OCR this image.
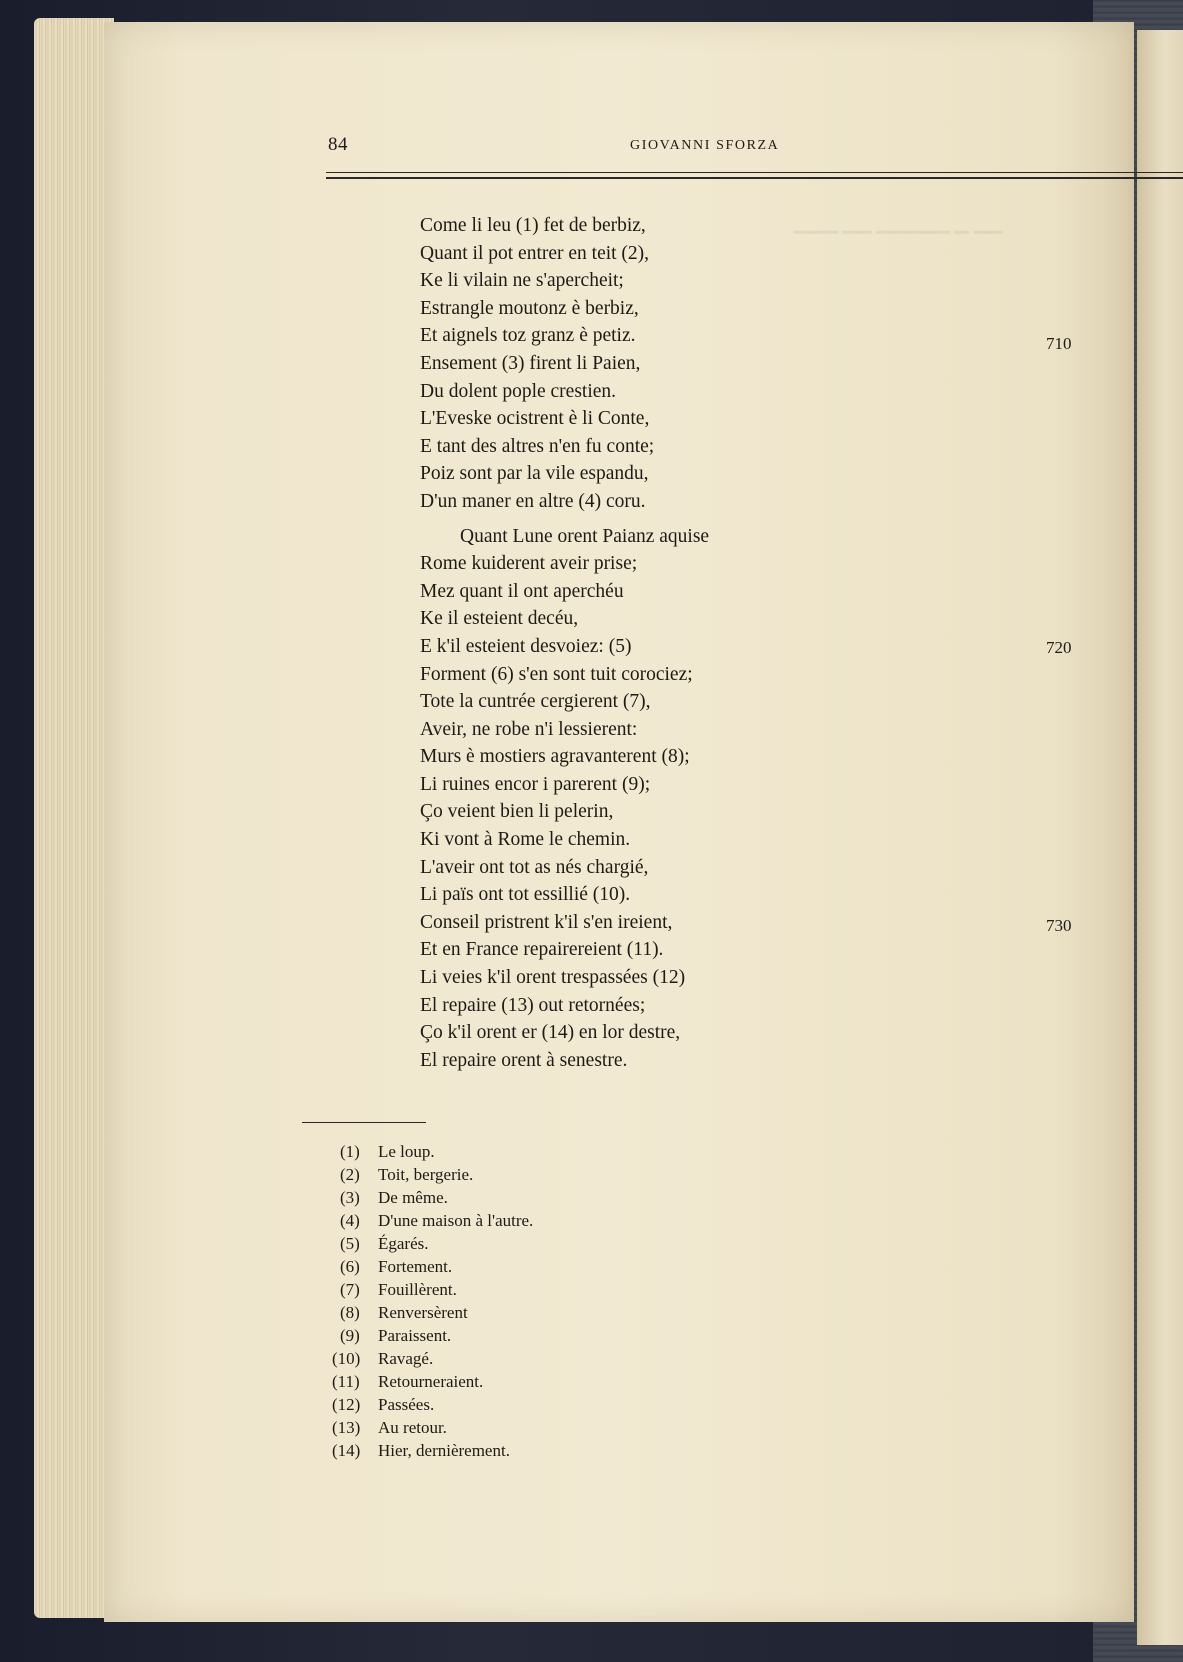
▁▁▁ ▁▁ ▁▁▁▁▁ ▁ ▁▁
84	GIOVANNI SFORZA
Come li leu (1) fet de berbiz,
Quant il pot entrer en teit (2),
Ke li vilain ne s'apercheit;
Estrangle moutonz è berbiz,
Et aignels toz granz è petiz.
Ensement (3) firent li Paien,
Du dolent pople crestien.
L'Eveske ocistrent è li Conte,
E tant des altres n'en fu conte;
Poiz sont par la vile espandu,
D'un maner en altre (4) coru.
Quant Lune orent Paianz aquise
Rome kuiderent aveir prise;
Mez quant il ont aperchéu
Ke il esteient decéu,
E k'il esteient desvoiez: (5)
Forment (6) s'en sont tuit corociez;
Tote la cuntrée cergierent (7),
Aveir, ne robe n'i lessierent:
Murs è mostiers agravanterent (8);
Li ruines encor i parerent (9);
Ço veient bien li pelerin,
Ki vont à Rome le chemin.
L'aveir ont tot as nés chargié,
Li païs ont tot essillié (10).
Conseil pristrent k'il s'en ireient,
Et en France repairereient (11).
Li veies k'il orent trespassées (12)
El repaire (13) out retornées;
Ço k'il orent er (14) en lor destre,
El repaire orent à senestre.
710
720
730
(1) Le loup.
(2) Toit, bergerie.
(3) De même.
(4) D'une maison à l'autre.
(5) Égarés.
(6) Fortement.
(7) Fouillèrent.
(8) Renversèrent
(9) Paraissent.
(10) Ravagé.
(11) Retourneraient.
(12) Passées.
(13) Au retour.
(14) Hier, dernièrement.
